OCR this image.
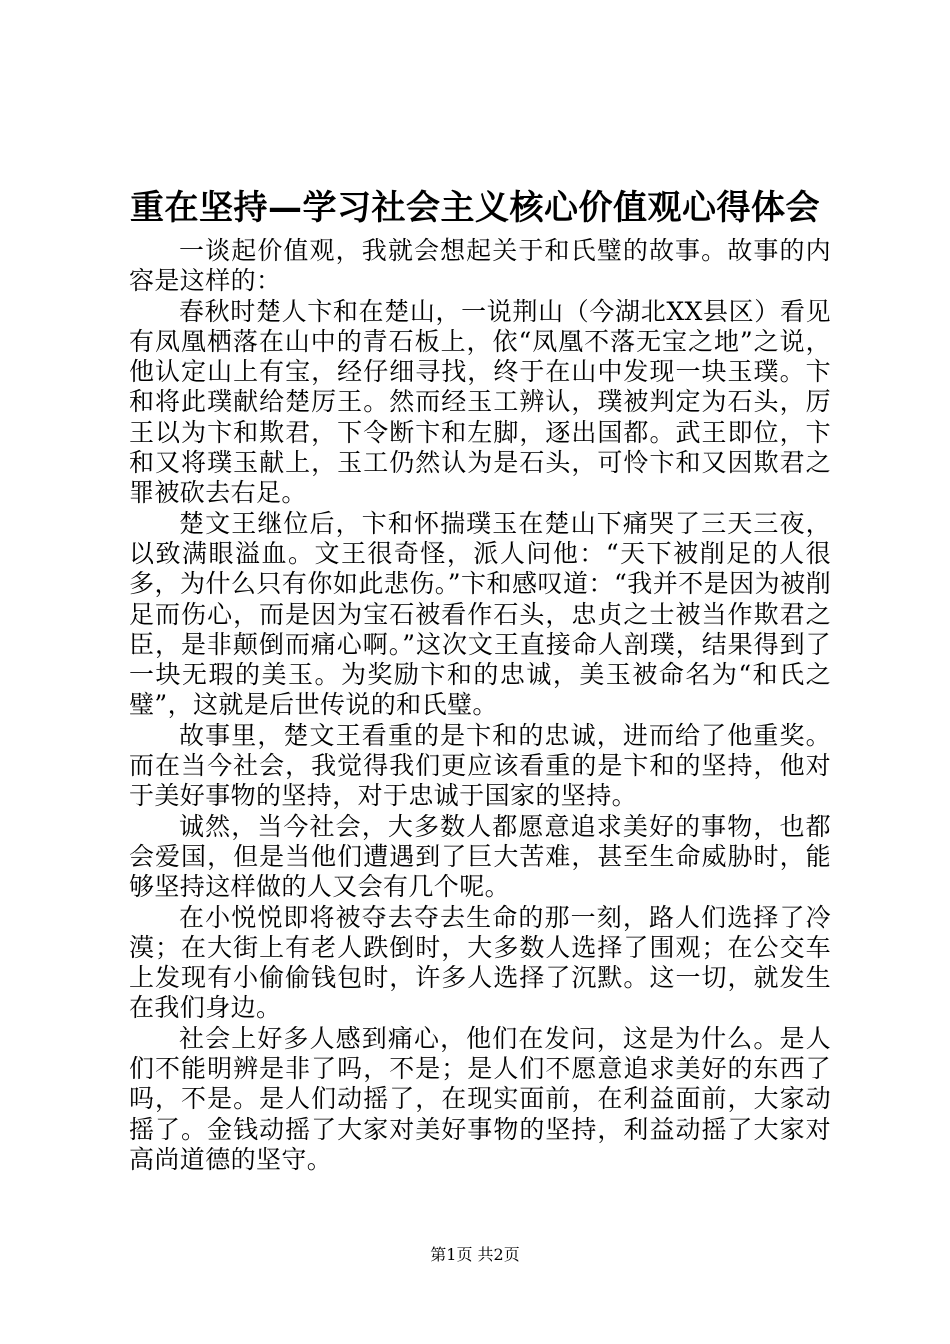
重在坚持—学习社会主义核心价值观心得体会

一谈起价值观，我就会想起关于和氏璧的故事。故事的内容是这样的：

春秋时楚人卞和在楚山，一说荆山（今湖北XX县区）看见有凤凰栖落在山中的青石板上，依“凤凰不落无宝之地”之说，他认定山上有宝，经仔细寻找，终于在山中发现一块玉璞。卞和将此璞献给楚厉王。然而经玉工辨认，璞被判定为石头，厉王以为卞和欺君，下令断卞和左脚，逐出国都。武王即位，卞和又将璞玉献上，玉工仍然认为是石头，可怜卞和又因欺君之罪被砍去右足。

楚文王继位后，卞和怀揣璞玉在楚山下痛哭了三天三夜，以致满眼溢血。文王很奇怪，派人问他：“天下被削足的人很多，为什么只有你如此悲伤。”卞和感叹道：“我并不是因为被削足而伤心，而是因为宝石被看作石头，忠贞之士被当作欺君之臣，是非颠倒而痛心啊。”这次文王直接命人剖璞，结果得到了一块无瑕的美玉。为奖励卞和的忠诚，美玉被命名为“和氏之璧”，这就是后世传说的和氏璧。

故事里，楚文王看重的是卞和的忠诚，进而给了他重奖。而在当今社会，我觉得我们更应该看重的是卞和的坚持，他对于美好事物的坚持，对于忠诚于国家的坚持。

诚然，当今社会，大多数人都愿意追求美好的事物，也都会爱国，但是当他们遭遇到了巨大苦难，甚至生命威胁时，能够坚持这样做的人又会有几个呢。

在小悦悦即将被夺去夺去生命的那一刻，路人们选择了冷漠；在大街上有老人跌倒时，大多数人选择了围观；在公交车上发现有小偷偷钱包时，许多人选择了沉默。这一切，就发生在我们身边。

社会上好多人感到痛心，他们在发问，这是为什么。是人们不能明辨是非了吗，不是；是人们不愿意追求美好的东西了吗，不是。是人们动摇了，在现实面前，在利益面前，大家动摇了。金钱动摇了大家对美好事物的坚持，利益动摇了大家对高尚道德的坚守。

第1页 共2页
